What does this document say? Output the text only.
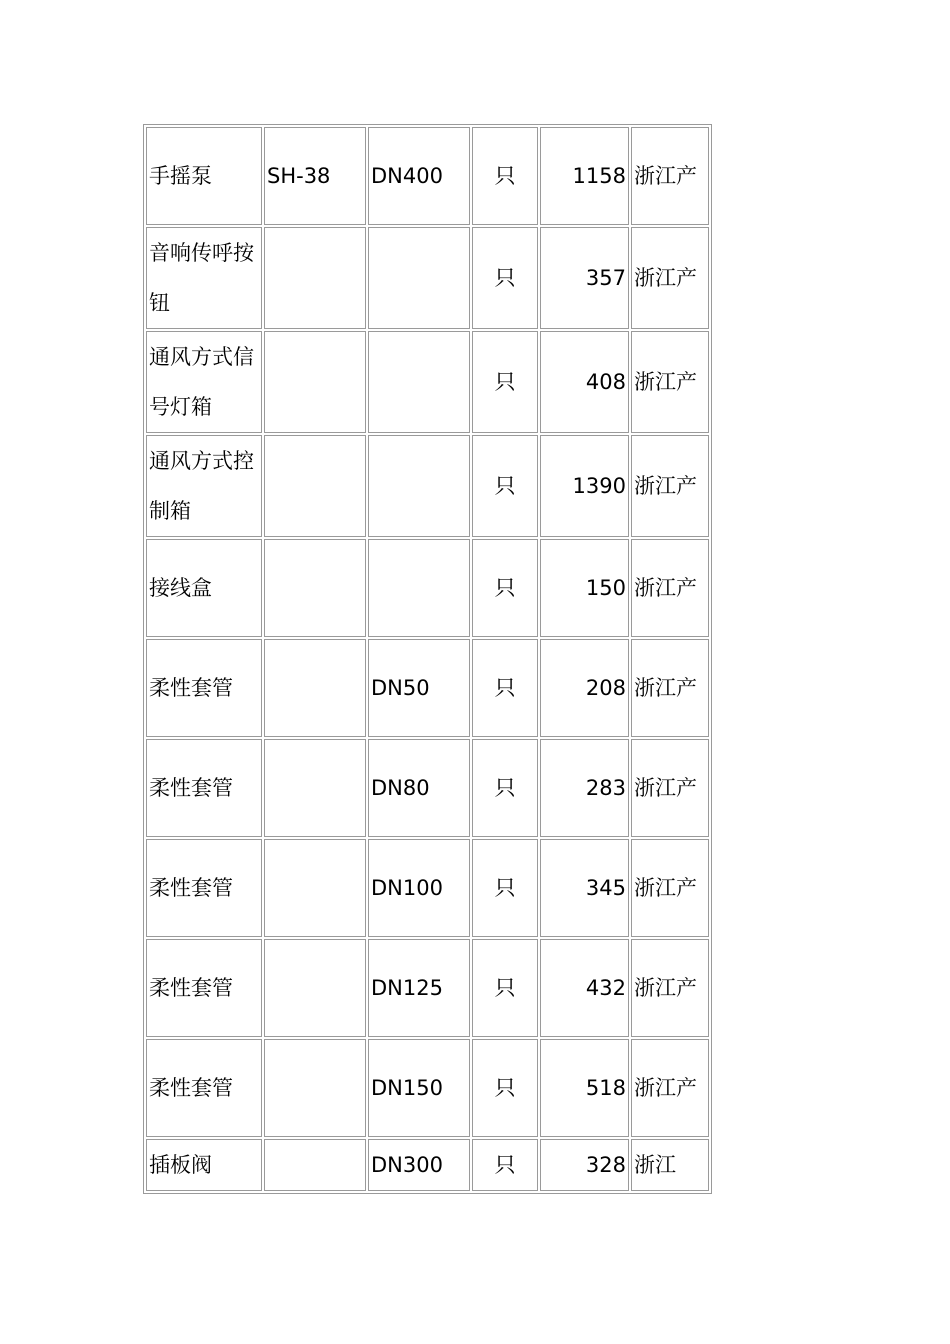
手摇泵	SH-38	DN400	只	1158	浙江产
音响传呼按钮			只	357	浙江产
通风方式信号灯箱			只	408	浙江产
通风方式控制箱			只	1390	浙江产
接线盒			只	150	浙江产
柔性套管		DN50	只	208	浙江产
柔性套管		DN80	只	283	浙江产
柔性套管		DN100	只	345	浙江产
柔性套管		DN125	只	432	浙江产
柔性套管		DN150	只	518	浙江产
插板阀		DN300	只	328	浙江
